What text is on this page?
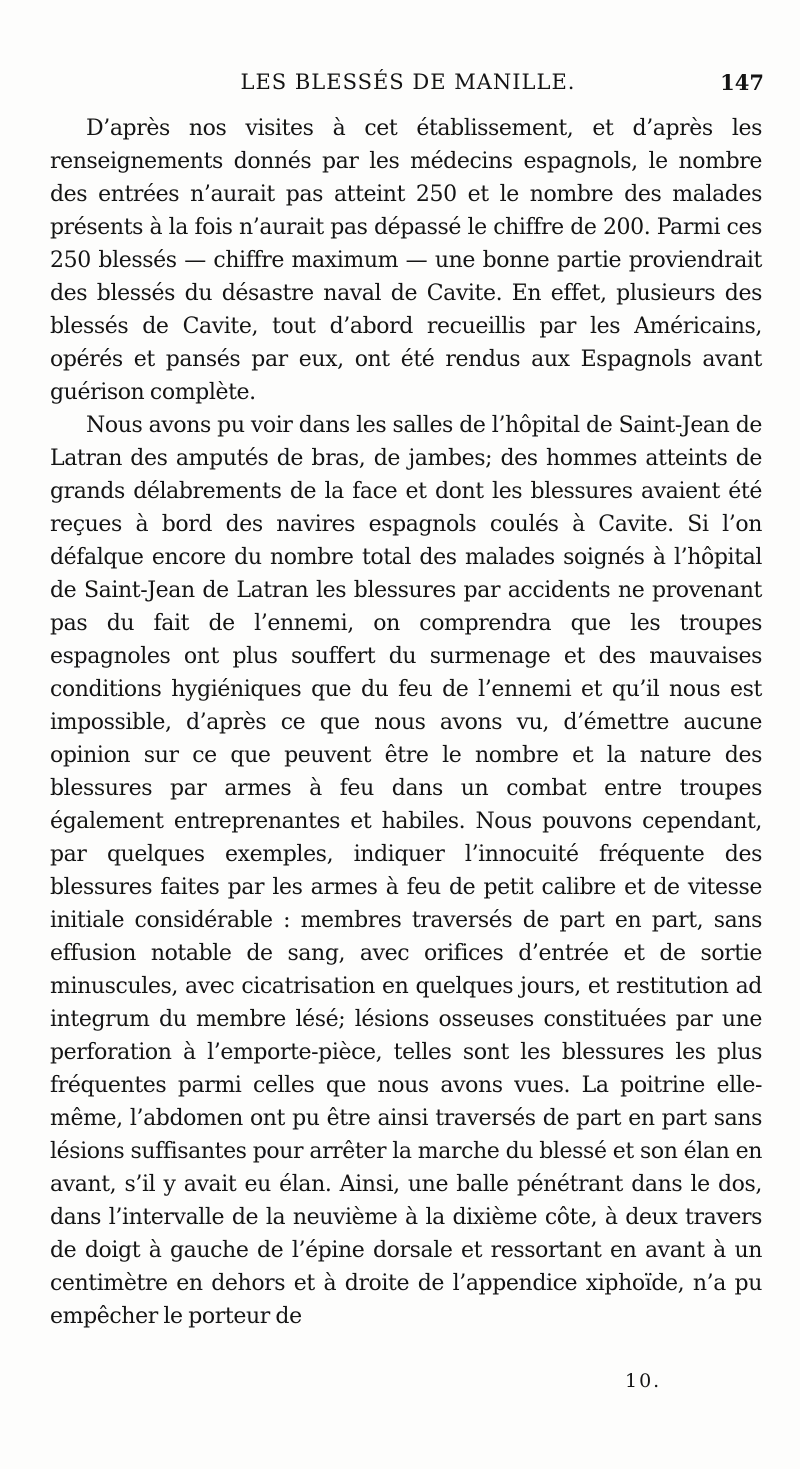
LES BLESSÉS DE MANILLE.	147

D’après nos visites à cet établissement, et d’après les renseignements donnés par les médecins espagnols, le nombre des entrées n’aurait pas atteint 250 et le nombre des malades présents à la fois n’aurait pas dépassé le chiffre de 200. Parmi ces 250 blessés — chiffre maximum — une bonne partie proviendrait des blessés du désastre naval de Cavite. En effet, plusieurs des blessés de Cavite, tout d’abord recueillis par les Américains, opérés et pansés par eux, ont été rendus aux Espagnols avant guérison complète.

Nous avons pu voir dans les salles de l’hôpital de Saint-Jean de Latran des amputés de bras, de jambes; des hommes atteints de grands délabrements de la face et dont les blessures avaient été reçues à bord des navires espagnols coulés à Cavite. Si l’on défalque encore du nombre total des malades soignés à l’hôpital de Saint-Jean de Latran les blessures par accidents ne provenant pas du fait de l’ennemi, on comprendra que les troupes espagnoles ont plus souffert du surmenage et des mauvaises conditions hygiéniques que du feu de l’ennemi et qu’il nous est impossible, d’après ce que nous avons vu, d’émettre aucune opinion sur ce que peuvent être le nombre et la nature des blessures par armes à feu dans un combat entre troupes également entreprenantes et habiles. Nous pouvons cependant, par quelques exemples, indiquer l’innocuité fréquente des blessures faites par les armes à feu de petit calibre et de vitesse initiale considérable : membres traversés de part en part, sans effusion notable de sang, avec orifices d’entrée et de sortie minuscules, avec cicatrisation en quelques jours, et restitution ad integrum du membre lésé; lésions osseuses constituées par une perforation à l’emporte-pièce, telles sont les blessures les plus fréquentes parmi celles que nous avons vues. La poitrine elle-même, l’abdomen ont pu être ainsi traversés de part en part sans lésions suffisantes pour arrêter la marche du blessé et son élan en avant, s’il y avait eu élan. Ainsi, une balle pénétrant dans le dos, dans l’intervalle de la neuvième à la dixième côte, à deux travers de doigt à gauche de l’épine dorsale et ressortant en avant à un centimètre en dehors et à droite de l’appendice xiphoïde, n’a pu empêcher le porteur de

10.
